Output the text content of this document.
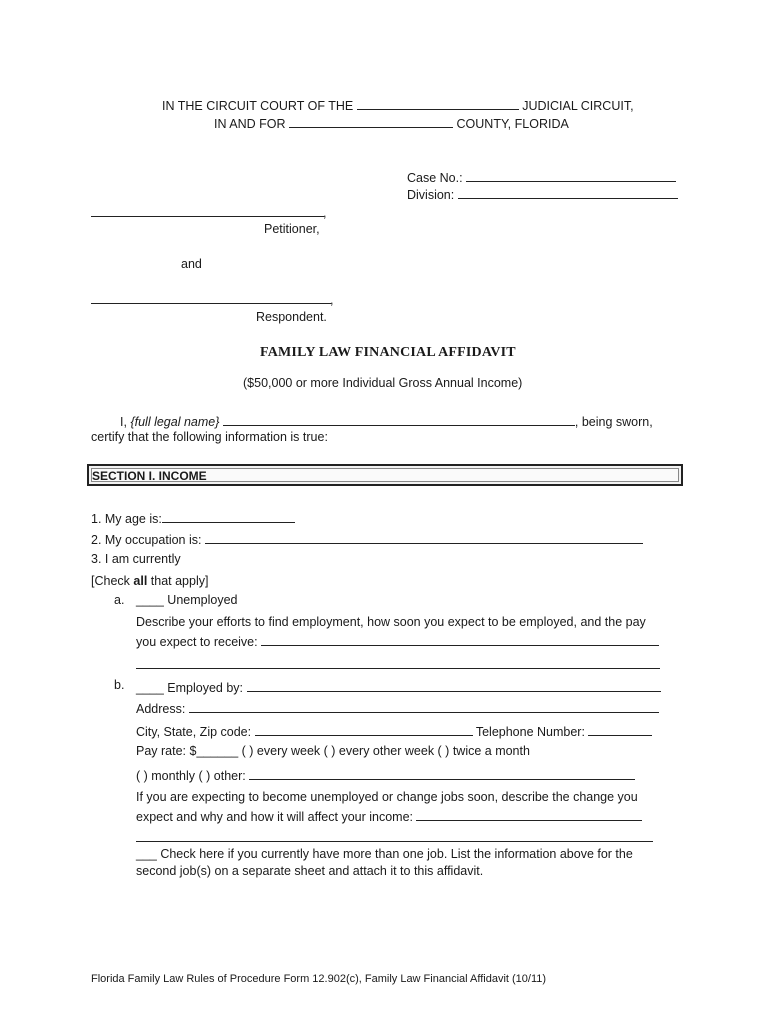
IN THE CIRCUIT COURT OF THE	JUDICIAL CIRCUIT,
IN AND FOR	COUNTY, FLORIDA
Case No.:
Division:
,
Petitioner,
and
,
Respondent.
FAMILY LAW FINANCIAL AFFIDAVIT
($50,000 or more Individual Gross Annual Income)
I, {full legal name}	, being sworn,
certify that the following information is true:
SECTION I. INCOME
1. My age is:
2. My occupation is:
3. I am currently
[Check all that apply]
a. ____ Unemployed
Describe your efforts to find employment, how soon you expect to be employed, and the pay
you expect to receive:
b. ____ Employed by:
Address:
City, State, Zip code:	Telephone Number:
Pay rate: $______ ( ) every week ( ) every other week ( ) twice a month
( ) monthly ( ) other:
If you are expecting to become unemployed or change jobs soon, describe the change you
expect and why and how it will affect your income:
___ Check here if you currently have more than one job. List the information above for the
second job(s) on a separate sheet and attach it to this affidavit.
Florida Family Law Rules of Procedure Form 12.902(c), Family Law Financial Affidavit (10/11)
